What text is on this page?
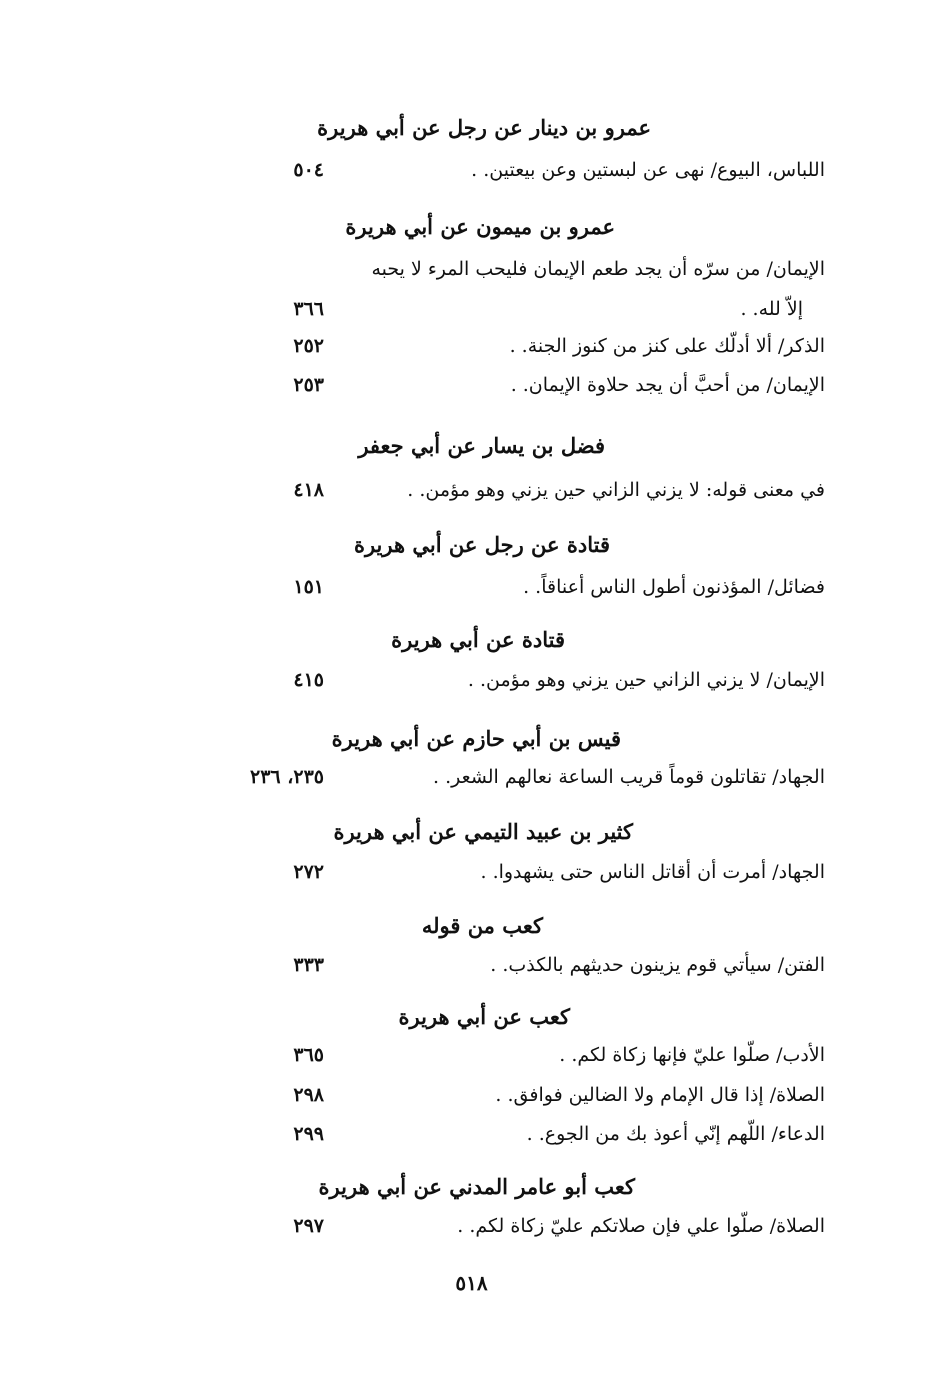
عمرو بن دينار عن رجل عن أبي هريرة
اللباس، البيوع/ نهى عن لبستين وعن بيعتين. .
٥٠٤
عمرو بن ميمون عن أبي هريرة
الإيمان/ من سرّه أن يجد طعم الإيمان فليحب المرء لا يحبه
إلاّ لله. .
٣٦٦
الذكر/ ألا أدلّك على كنز من كنوز الجنة. .
٢٥٢
الإيمان/ من أحبَّ أن يجد حلاوة الإيمان. .
٢٥٣
فضل بن يسار عن أبي جعفر
في معنى قوله: لا يزني الزاني حين يزني وهو مؤمن. .
٤١٨
قتادة عن رجل عن أبي هريرة
فضائل/ المؤذنون أطول الناس أعناقاً. .
١٥١
قتادة عن أبي هريرة
الإيمان/ لا يزني الزاني حين يزني وهو مؤمن. .
٤١٥
قيس بن أبي حازم عن أبي هريرة
الجهاد/ تقاتلون قوماً قريب الساعة نعالهم الشعر. .
٢٣٥، ٢٣٦
كثير بن عبيد التيمي عن أبي هريرة
الجهاد/ أمرت أن أقاتل الناس حتى يشهدوا. .
٢٧٢
كعب من قوله
الفتن/ سيأتي قوم يزينون حديثهم بالكذب. .
٣٣٣
كعب عن أبي هريرة
الأدب/ صلّوا عليّ فإنها زكاة لكم. .
٣٦٥
الصلاة/ إذا قال الإمام ولا الضالين فوافق. .
٢٩٨
الدعاء/ اللّهم إنّي أعوذ بك من الجوع. .
٢٩٩
كعب أبو عامر المدني عن أبي هريرة
الصلاة/ صلّوا علي فإن صلاتكم عليّ زكاة لكم. .
٢٩٧
٥١٨
